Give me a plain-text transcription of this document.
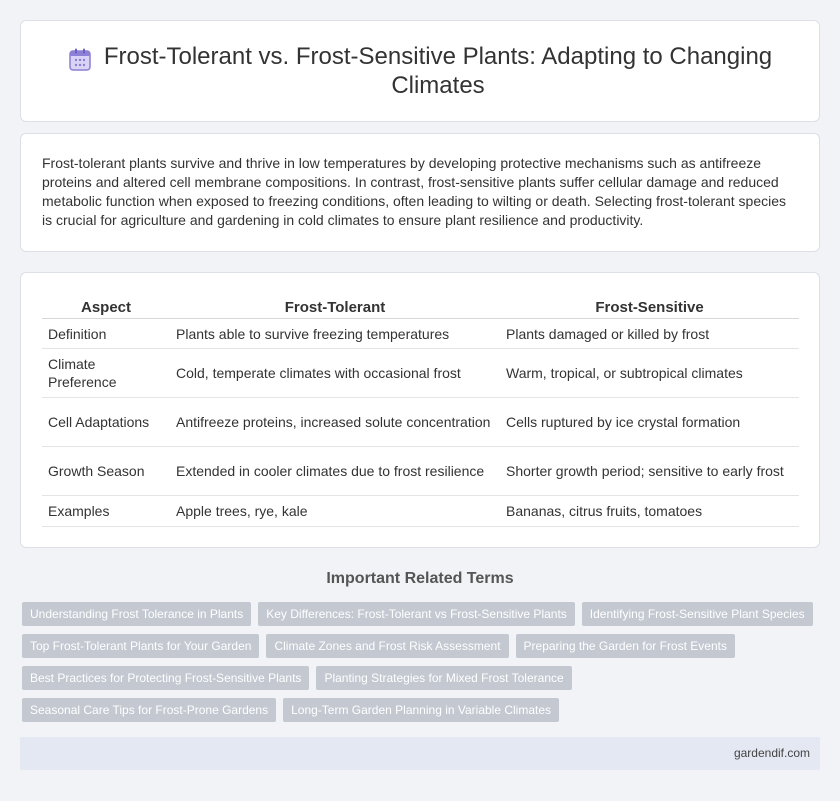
Frost-Tolerant vs. Frost-Sensitive Plants: Adapting to Changing Climates

Frost-tolerant plants survive and thrive in low temperatures by developing protective mechanisms such as antifreeze proteins and altered cell membrane compositions. In contrast, frost-sensitive plants suffer cellular damage and reduced metabolic function when exposed to freezing conditions, often leading to wilting or death. Selecting frost-tolerant species is crucial for agriculture and gardening in cold climates to ensure plant resilience and productivity.

Aspect	Frost-Tolerant	Frost-Sensitive
Definition	Plants able to survive freezing temperatures	Plants damaged or killed by frost
Climate Preference	Cold, temperate climates with occasional frost	Warm, tropical, or subtropical climates
Cell Adaptations	Antifreeze proteins, increased solute concentration	Cells ruptured by ice crystal formation
Growth Season	Extended in cooler climates due to frost resilience	Shorter growth period; sensitive to early frost
Examples	Apple trees, rye, kale	Bananas, citrus fruits, tomatoes
Important Related Terms
Understanding Frost Tolerance in Plants	Key Differences: Frost-Tolerant vs Frost-Sensitive Plants	Identifying Frost-Sensitive Plant Species
Top Frost-Tolerant Plants for Your Garden	Climate Zones and Frost Risk Assessment	Preparing the Garden for Frost Events
Best Practices for Protecting Frost-Sensitive Plants	Planting Strategies for Mixed Frost Tolerance
Seasonal Care Tips for Frost-Prone Gardens	Long-Term Garden Planning in Variable Climates
gardendif.com
